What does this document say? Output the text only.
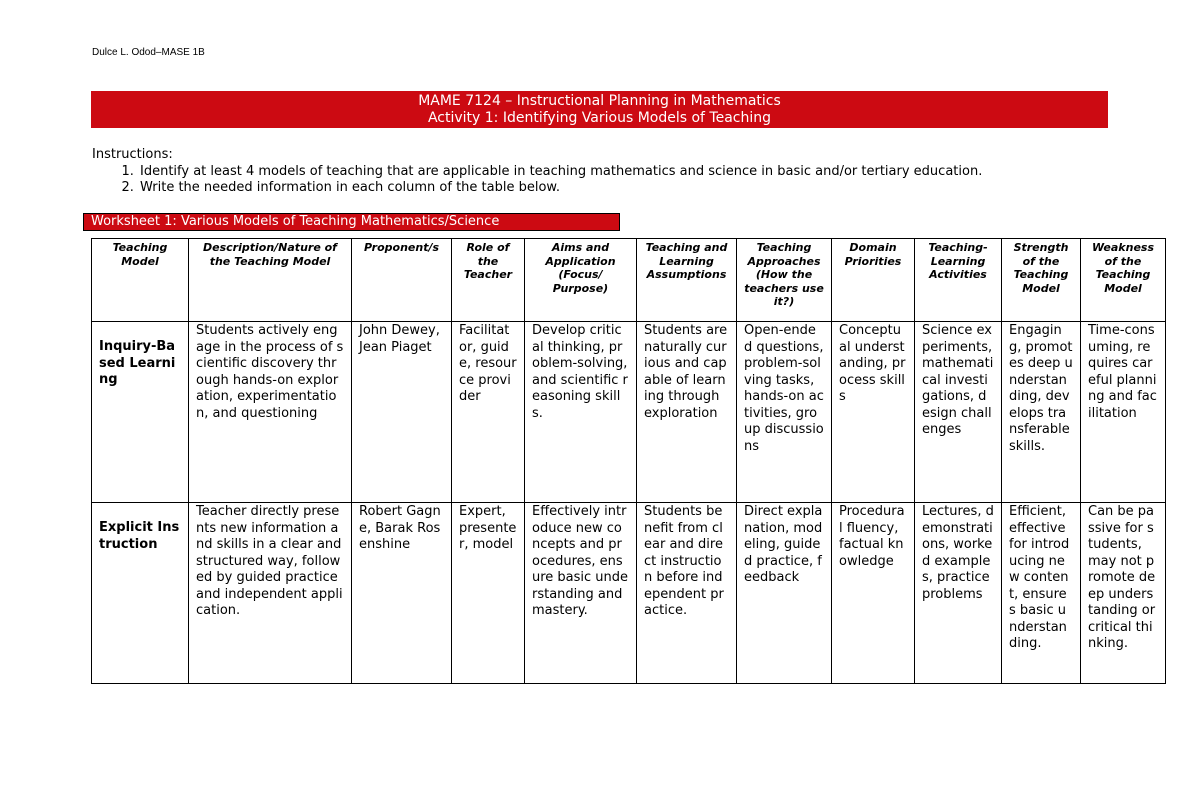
Dulce L. Odod–MASE 1B
MAME 7124 – Instructional Planning in Mathematics
Activity 1: Identifying Various Models of Teaching
Instructions:
1. Identify at least 4 models of teaching that are applicable in teaching mathematics and science in basic and/or tertiary education.
2. Write the needed information in each column of the table below.
Worksheet 1: Various Models of Teaching Mathematics/Science
Teaching Model	Description/Nature of the Teaching Model	Proponent/s	Role of the Teacher	Aims and Application (Focus/ Purpose)	Teaching and Learning Assumptions	Teaching Approaches (How the teachers use it?)	Domain Priorities	Teaching-Learning Activities	Strength of the Teaching Model	Weakness of the Teaching Model
Inquiry-Based Learning	Students actively engage in the process of scientific discovery through hands-on exploration, experimentation, and questioning	John Dewey, Jean Piaget	Facilitator, guide, resource provider	Develop critical thinking, problem-solving, and scientific reasoning skills.	Students are naturally curious and capable of learning through exploration	Open-ended questions, problem-solving tasks, hands-on activities, group discussions	Conceptual understanding, process skills	Science experiments, mathematical investigations, design challenges	Engaging, promotes deep understanding, develops transferable skills.	Time-consuming, requires careful planning and facilitation
Explicit Instruction	Teacher directly presents new information and skills in a clear and structured way, followed by guided practice and independent application.	Robert Gagne, Barak Rosenshine	Expert, presenter, model	Effectively introduce new concepts and procedures, ensure basic understanding and mastery.	Students benefit from clear and direct instruction before independent practice.	Direct explanation, modeling, guided practice, feedback	Procedural fluency, factual knowledge	Lectures, demonstrations, worked examples, practice problems	Efficient, effective for introducing new content, ensures basic understanding.	Can be passive for students, may not promote deep understanding or critical thinking.
